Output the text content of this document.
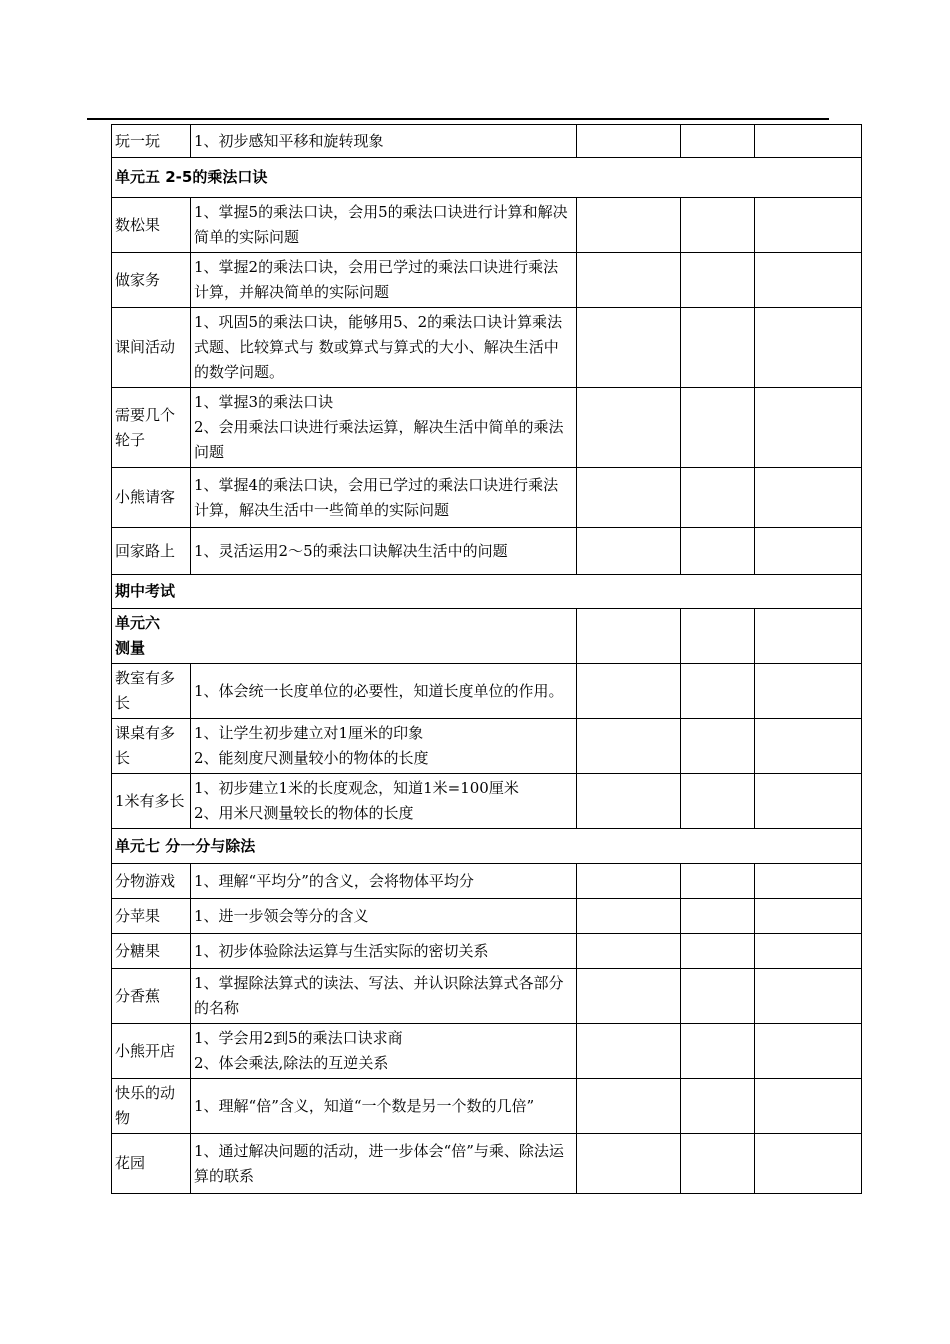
玩一玩	1、初步感知平移和旋转现象			
单元五 2-5的乘法口诀				
数松果	1、掌握5的乘法口诀，会用5的乘法口诀进行计算和解决简单的实际问题			
做家务	1、掌握2的乘法口诀，会用已学过的乘法口诀进行乘法计算，并解决简单的实际问题			
课间活动	1、巩固5的乘法口诀，能够用5、2的乘法口诀计算乘法式题、比较算式与 数或算式与算式的大小、解决生活中的数学问题。			
需要几个轮子	1、掌握3的乘法口诀
2、会用乘法口诀进行乘法运算，解决生活中简单的乘法问题			
小熊请客	1、掌握4的乘法口诀，会用已学过的乘法口诀进行乘法计算，解决生活中一些简单的实际问题			
回家路上	1、灵活运用2～5的乘法口诀解决生活中的问题			
期中考试				
单元六
测量				
教室有多长	1、体会统一长度单位的必要性，知道长度单位的作用。			
课桌有多长	1、让学生初步建立对1厘米的印象
2、能刻度尺测量较小的物体的长度			
1米有多长	1、初步建立1米的长度观念，知道1米=100厘米
2、用米尺测量较长的物体的长度			
单元七 分一分与除法				
分物游戏	1、理解“平均分”的含义，会将物体平均分			
分苹果	1、进一步领会等分的含义			
分糖果	1、初步体验除法运算与生活实际的密切关系			
分香蕉	1、掌握除法算式的读法、写法、并认识除法算式各部分的名称			
小熊开店	1、学会用2到5的乘法口诀求商
2、体会乘法,除法的互逆关系			
快乐的动物	1、理解“倍”含义，知道“一个数是另一个数的几倍”			
花园	1、通过解决问题的活动，进一步体会“倍”与乘、除法运算的联系			
